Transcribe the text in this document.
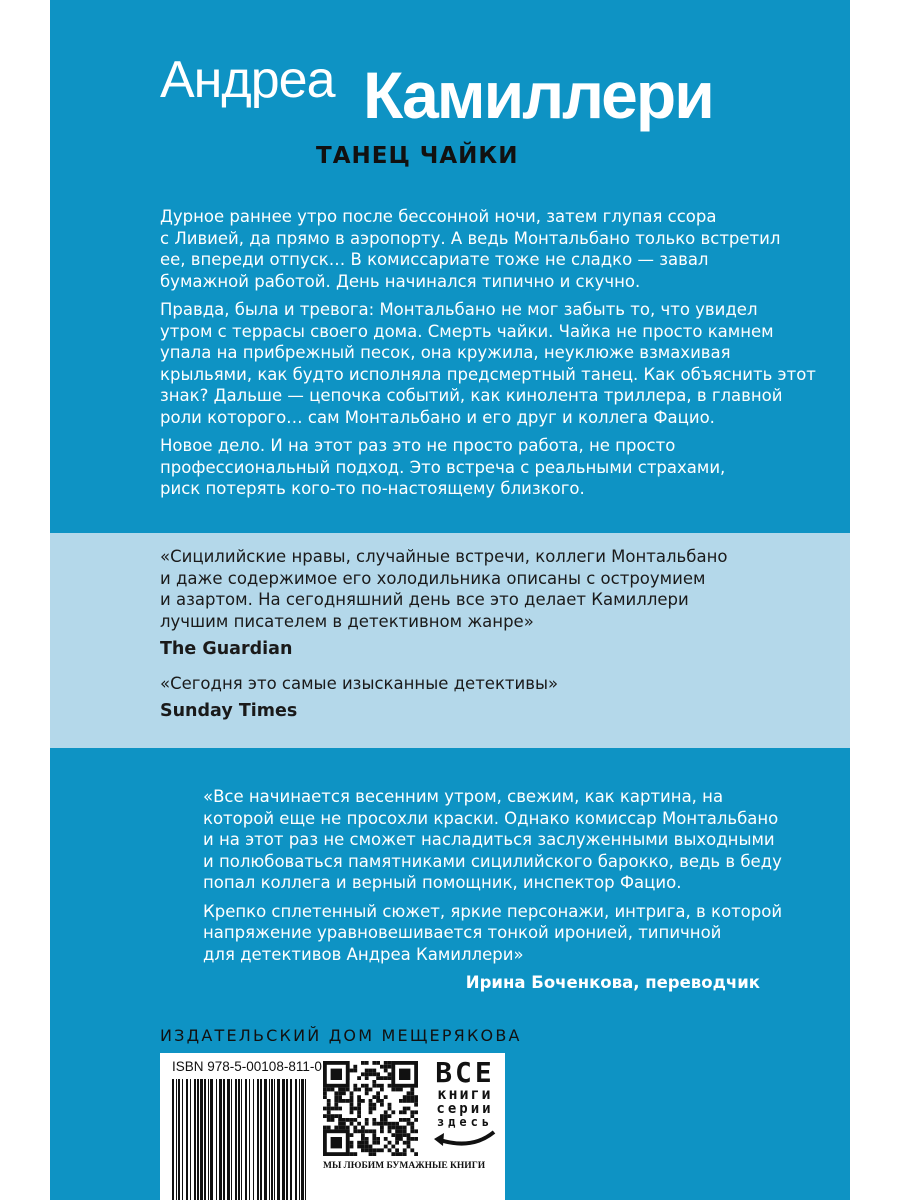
Андреа Камиллери
ТАНЕЦ ЧАЙКИ

Дурное раннее утро после бессонной ночи, затем глупая ссора
с Ливией, да прямо в аэропорту. А ведь Монтальбано только встретил
ее, впереди отпуск… В комиссариате тоже не сладко — завал
бумажной работой. День начинался типично и скучно.

Правда, была и тревога: Монтальбано не мог забыть то, что увидел
утром с террасы своего дома. Смерть чайки. Чайка не просто камнем
упала на прибрежный песок, она кружила, неуклюже взмахивая
крыльями, как будто исполняла предсмертный танец. Как объяснить этот
знак? Дальше — цепочка событий, как кинолента триллера, в главной
роли которого… сам Монтальбано и его друг и коллега Фацио.

Новое дело. И на этот раз это не просто работа, не просто
профессиональный подход. Это встреча с реальными страхами,
риск потерять кого-то по-настоящему близкого.

«Сицилийские нравы, случайные встречи, коллеги Монтальбано
и даже содержимое его холодильника описаны с остроумием
и азартом. На сегодняшний день все это делает Камиллери
лучшим писателем в детективном жанре»

The Guardian

«Сегодня это самые изысканные детективы»

Sunday Times

«Все начинается весенним утром, свежим, как картина, на
которой еще не просохли краски. Однако комиссар Монтальбано
и на этот раз не сможет насладиться заслуженными выходными
и полюбоваться памятниками сицилийского барокко, ведь в беду
попал коллега и верный помощник, инспектор Фацио.

Крепко сплетенный сюжет, яркие персонажи, интрига, в которой
напряжение уравновешивается тонкой иронией, типичной
для детективов Андреа Камиллери»

Ирина Боченкова, переводчик
ИЗДАТЕЛЬСКИЙ ДОМ МЕЩЕРЯКОВА
ISBN 978-5-00108-811-0	ВСЕ
книги
серии
здесь
МЫ ЛЮБИМ БУМАЖНЫЕ КНИГИ
